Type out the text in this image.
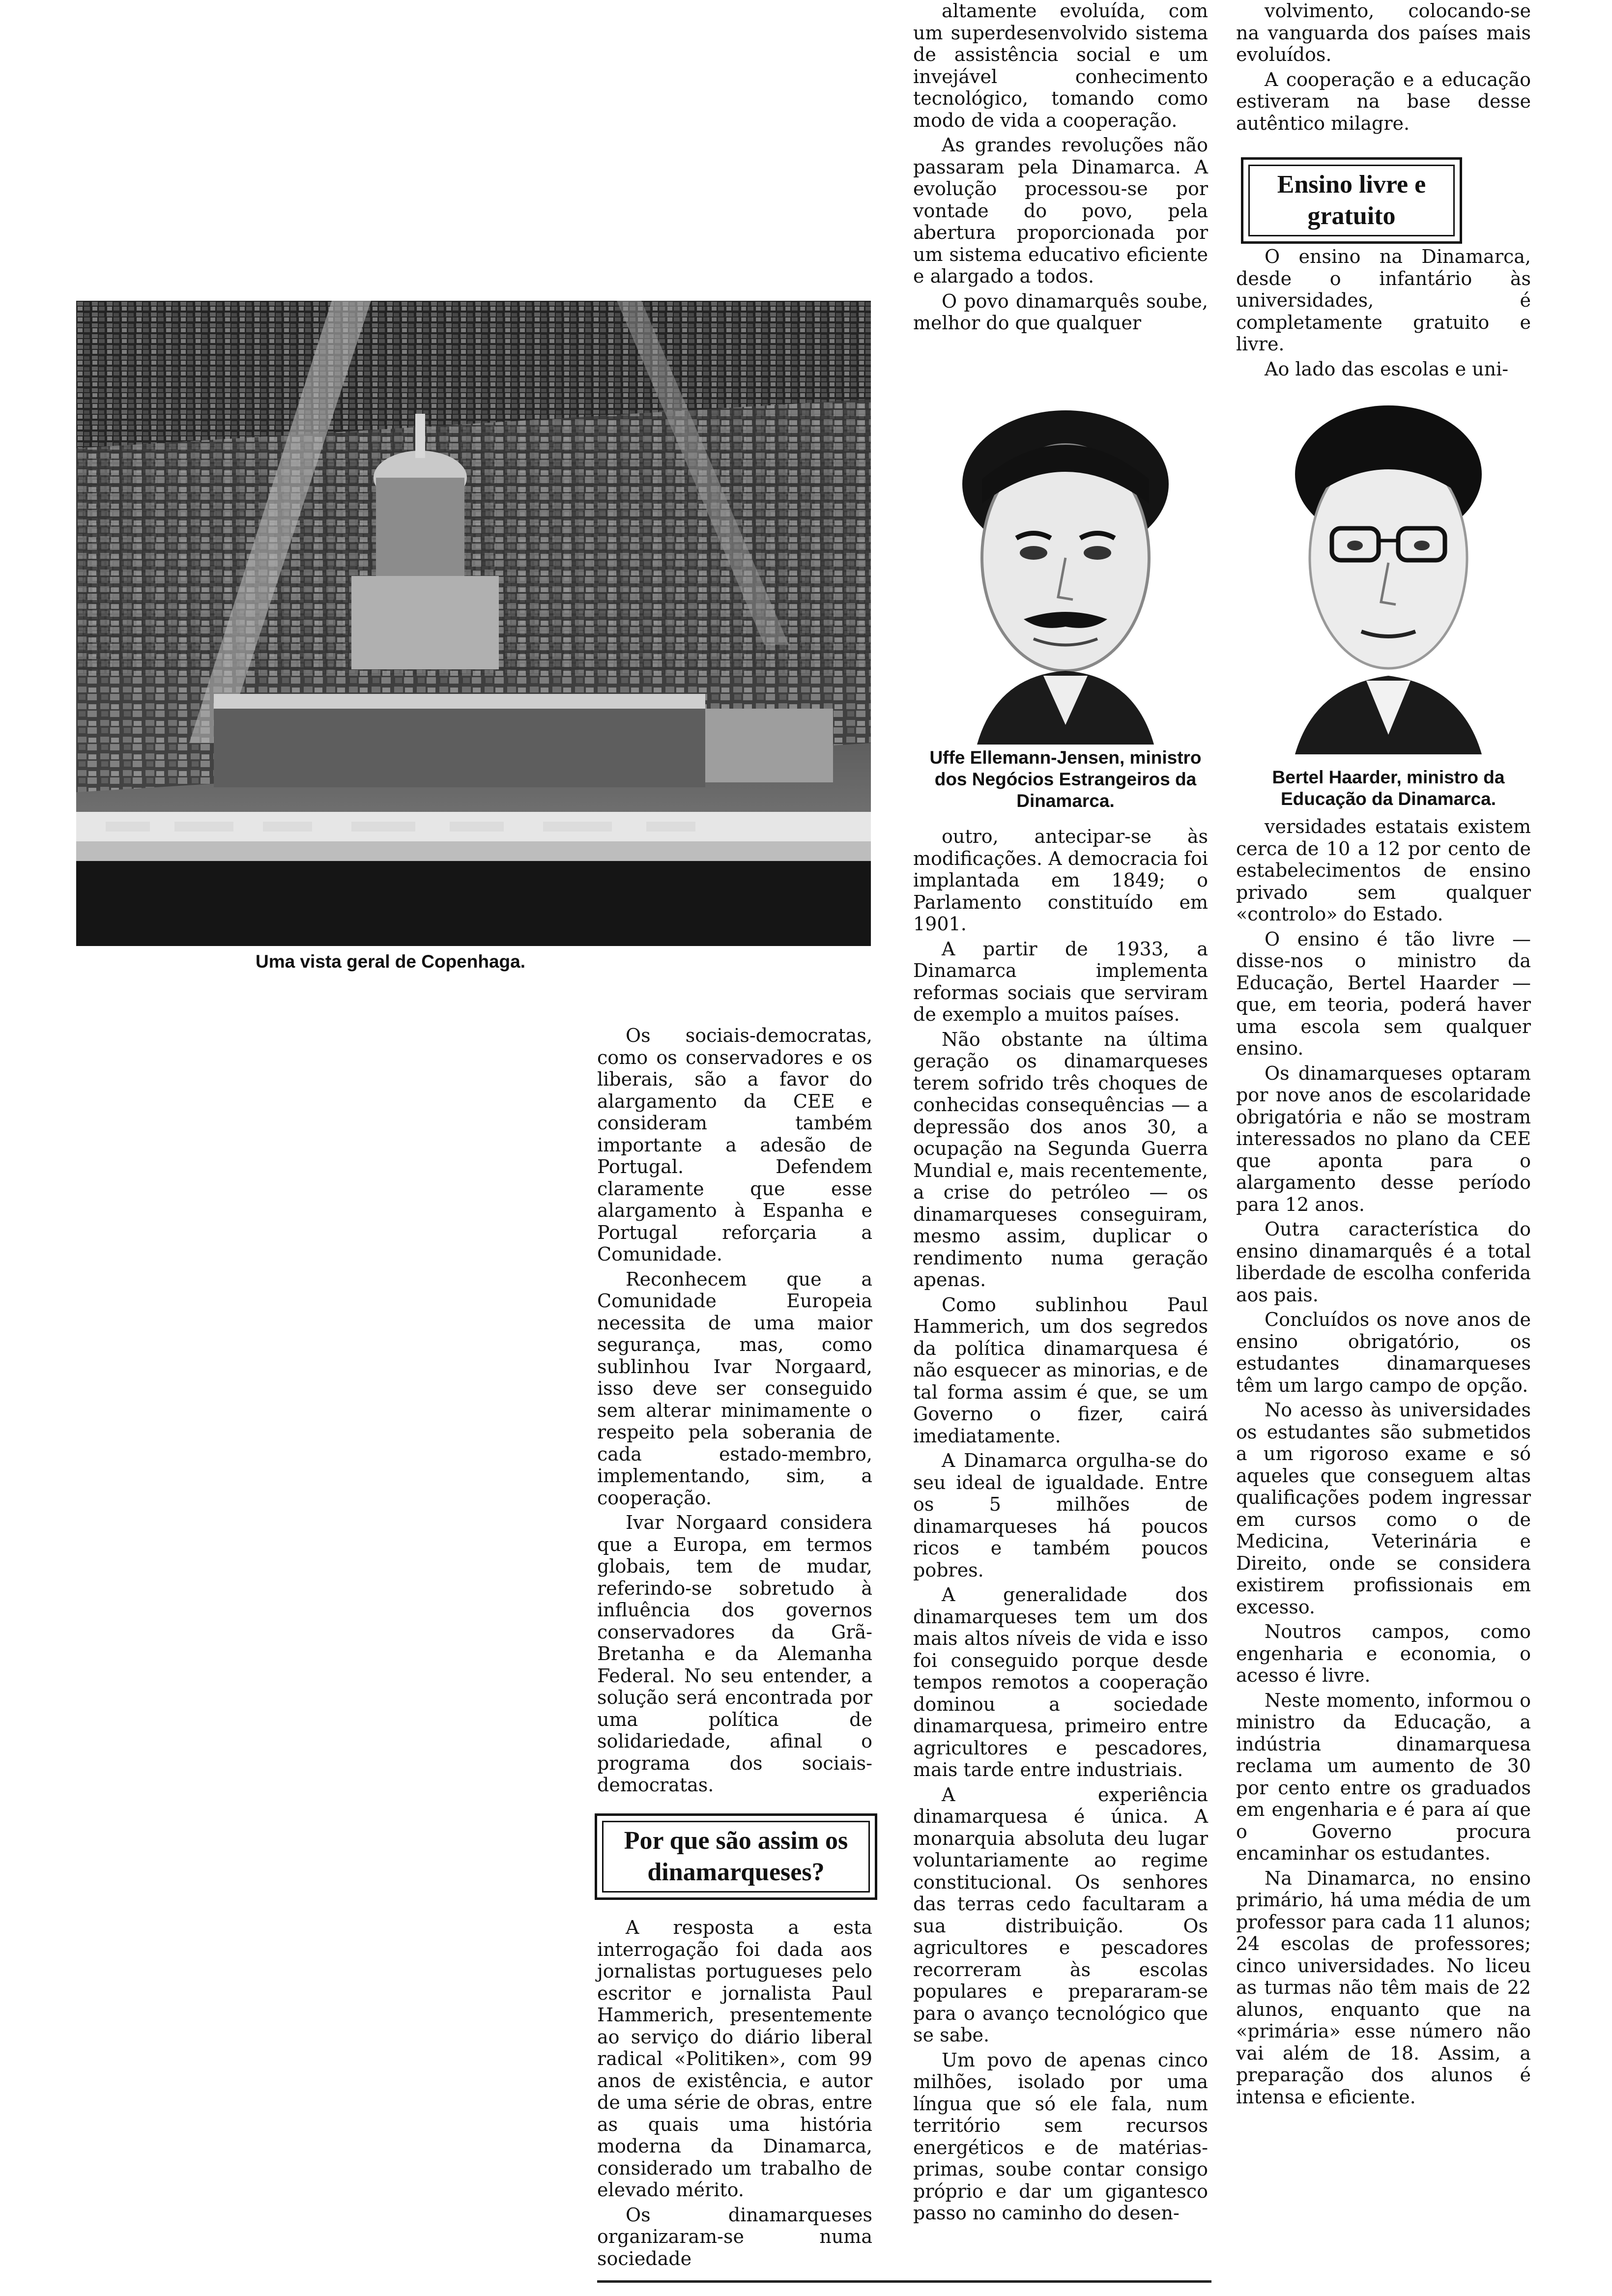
Uma vista geral de Copenhaga.

Os sociais-democratas, como os conservadores e os liberais, são a favor do alargamento da CEE e consideram também importante a adesão de Portugal. Defendem claramente que esse alargamento à Espanha e Portugal reforçaria a Comunidade.

Reconhecem que a Comunidade Europeia necessita de uma maior segurança, mas, como sublinhou Ivar Norgaard, isso deve ser conseguido sem alterar minimamente o respeito pela soberania de cada estado-membro, implementando, sim, a cooperação.

Ivar Norgaard considera que a Europa, em termos globais, tem de mudar, referindo-se sobretudo à influência dos governos conservadores da Grã-Bretanha e da Alemanha Federal. No seu entender, a solução será encontrada por uma política de solidariedade, afinal o programa dos sociais-democratas.

Por que são assim os dinamarqueses?

A resposta a esta interrogação foi dada aos jornalistas portugueses pelo escritor e jornalista Paul Hammerich, presentemente ao serviço do diário liberal radical «Politiken», com 99 anos de existência, e autor de uma série de obras, entre as quais uma história moderna da Dinamarca, considerado um trabalho de elevado mérito.

Os dinamarqueses organizaram-se numa sociedade

altamente evoluída, com um superdesenvolvido sistema de assistência social e um invejável conhecimento tecnológico, tomando como modo de vida a cooperação.

As grandes revoluções não passaram pela Dinamarca. A evolução processou-se por vontade do povo, pela abertura proporcionada por um sistema educativo eficiente e alargado a todos.

O povo dinamarquês soube, melhor do que qualquer

Uffe Ellemann-Jensen, ministro dos Negócios Estrangeiros da Dinamarca.

outro, antecipar-se às modificações. A democracia foi implantada em 1849; o Parlamento constituído em 1901.

A partir de 1933, a Dinamarca implementa reformas sociais que serviram de exemplo a muitos países.

Não obstante na última geração os dinamarqueses terem sofrido três choques de conhecidas consequências — a depressão dos anos 30, a ocupação na Segunda Guerra Mundial e, mais recentemente, a crise do petróleo — os dinamarqueses conseguiram, mesmo assim, duplicar o rendimento numa geração apenas.

Como sublinhou Paul Hammerich, um dos segredos da política dinamarquesa é não esquecer as minorias, e de tal forma assim é que, se um Governo o fizer, cairá imediatamente.

A Dinamarca orgulha-se do seu ideal de igualdade. Entre os 5 milhões de dinamarqueses há poucos ricos e também poucos pobres.

A generalidade dos dinamarqueses tem um dos mais altos níveis de vida e isso foi conseguido porque desde tempos remotos a cooperação dominou a sociedade dinamarquesa, primeiro entre agricultores e pescadores, mais tarde entre industriais.

A experiência dinamarquesa é única. A monarquia absoluta deu lugar voluntariamente ao regime constitucional. Os senhores das terras cedo facultaram a sua distribuição. Os agricultores e pescadores recorreram às escolas populares e prepararam-se para o avanço tecnológico que se sabe.

Um povo de apenas cinco milhões, isolado por uma língua que só ele fala, num território sem recursos energéticos e de matérias-primas, soube contar consigo próprio e dar um gigantesco passo no caminho do desen-

volvimento, colocando-se na vanguarda dos países mais evoluídos.

A cooperação e a educação estiveram na base desse autêntico milagre.

Ensino livre e gratuito

O ensino na Dinamarca, desde o infantário às universidades, é completamente gratuito e livre.

Ao lado das escolas e uni-

Bertel Haarder, ministro da Educação da Dinamarca.

versidades estatais existem cerca de 10 a 12 por cento de estabelecimentos de ensino privado sem qualquer «controlo» do Estado.

O ensino é tão livre — disse-nos o ministro da Educação, Bertel Haarder — que, em teoria, poderá haver uma escola sem qualquer ensino.

Os dinamarqueses optaram por nove anos de escolaridade obrigatória e não se mostram interessados no plano da CEE que aponta para o alargamento desse período para 12 anos.

Outra característica do ensino dinamarquês é a total liberdade de escolha conferida aos pais.

Concluídos os nove anos de ensino obrigatório, os estudantes dinamarqueses têm um largo campo de opção.

No acesso às universidades os estudantes são submetidos a um rigoroso exame e só aqueles que conseguem altas qualificações podem ingressar em cursos como o de Medicina, Veterinária e Direito, onde se considera existirem profissionais em excesso.

Noutros campos, como engenharia e economia, o acesso é livre.

Neste momento, informou o ministro da Educação, a indústria dinamarquesa reclama um aumento de 30 por cento entre os graduados em engenharia e é para aí que o Governo procura encaminhar os estudantes.

Na Dinamarca, no ensino primário, há uma média de um professor para cada 11 alunos; 24 escolas de professores; cinco universidades. No liceu as turmas não têm mais de 22 alunos, enquanto que na «primária» esse número não vai além de 18. Assim, a preparação dos alunos é intensa e eficiente.
